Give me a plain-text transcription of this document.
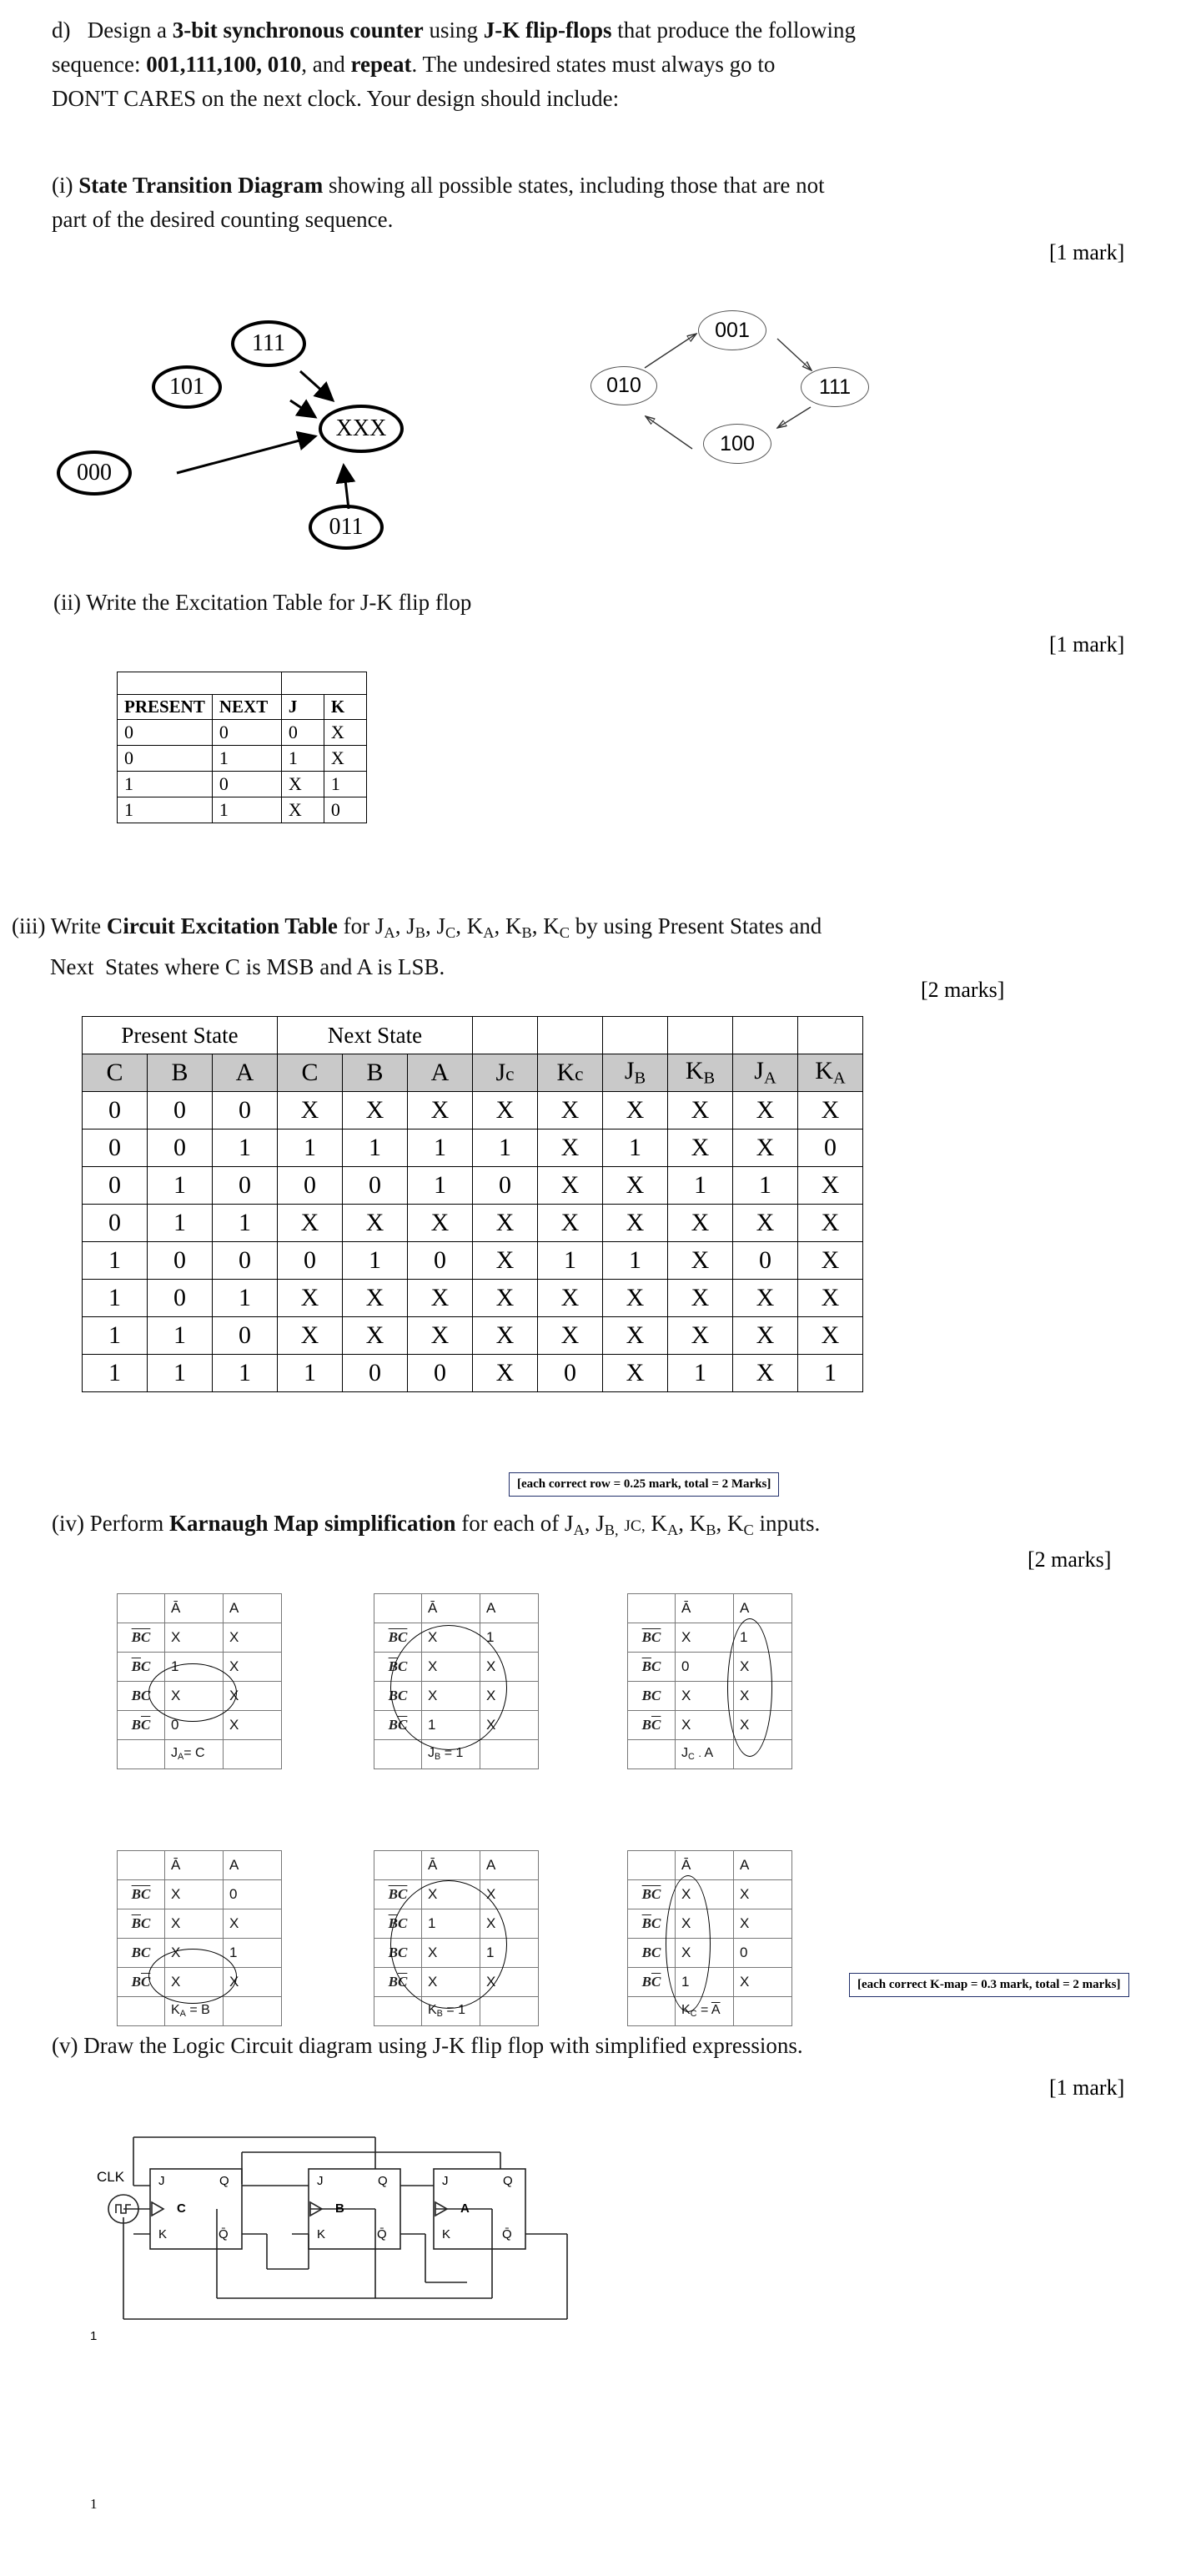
d)   Design a 3-bit synchronous counter using J-K flip-flops that produce the following
sequence: 001,111,100, 010, and repeat. The undesired states must always go to
DON'T CARES on the next clock. Your design should include:
(i) State Transition Diagram showing all possible states, including those that are not
part of the desired counting sequence.
[1 mark]
111
101
000
011
XXX
001
111
100
010
(ii) Write the Excitation Table for J-K flip flop
[1 mark]

PRESENT	NEXT	J	K
0	0	0	X
0	1	1	X
1	0	X	1
1	1	X	0
(iii) Write Circuit Excitation Table for $J_A$, $J_B$, $J_C$, $K_A$, $K_B$, $K_C$ by using Present States and
Next  States where C is MSB and A is LSB.
[2 marks]
Present State			Next State								
C	B	A	C	B	A	Jc	Kc	$J_B$	$K_B$	$J_A$	$K_A$
0	0	0	X	X	X	X	X	X	X	X	X
0	0	1	1	1	1	1	X	1	X	X	0
0	1	0	0	0	1	0	X	X	1	1	X
0	1	1	X	X	X	X	X	X	X	X	X
1	0	0	0	1	0	X	1	1	X	0	X
1	0	1	X	X	X	X	X	X	X	X	X
1	1	0	X	X	X	X	X	X	X	X	X
1	1	1	1	0	0	X	0	X	1	X	1
[each correct row = 0.25 mark, total = 2 Marks]
(iv) Perform Karnaugh Map simplification for each of $J_A$, $J_{B,}$ JC, $K_A$, $K_B$, $K_C$ inputs.
[2 marks]
	Ā	A
$\overline{B}\overline{C}$	X	X
$\overline{B}C$	1	X
BC	X	X
$B\overline{C}$	0	X
	$J_A= C$	
	Ā	A
$\overline{B}\overline{C}$	X	1
$\overline{B}C$	X	X
BC	X	X
$B\overline{C}$	1	X
	$J_B = 1$	
	Ā	A
$\overline{B}\overline{C}$	X	1
$\overline{B}C$	0	X
BC	X	X
$B\overline{C}$	X	X
	$J_C$ . A	
	Ā	A
$\overline{B}\overline{C}$	X	0
$\overline{B}C$	X	X
BC	X	1
$B\overline{C}$	X	X
	$K_A = B$	
	Ā	A
$\overline{B}\overline{C}$	X	X
$\overline{B}C$	1	X
BC	X	1
$B\overline{C}$	X	X
	$K_B = 1$	
	Ā	A
$\overline{B}\overline{C}$	X	X
$\overline{B}C$	X	X
BC	X	0
$B\overline{C}$	1	X
	$K_C = \overline{A}$	
[each correct K-map = 0.3 mark, total = 2 marks]
(v) Draw the Logic Circuit diagram using J-K flip flop with simplified expressions.
[1 mark]
J	Q
K	Q̄
C
J	Q
K	Q̄
B
J	Q
K	Q̄
A
CLK
1
1
